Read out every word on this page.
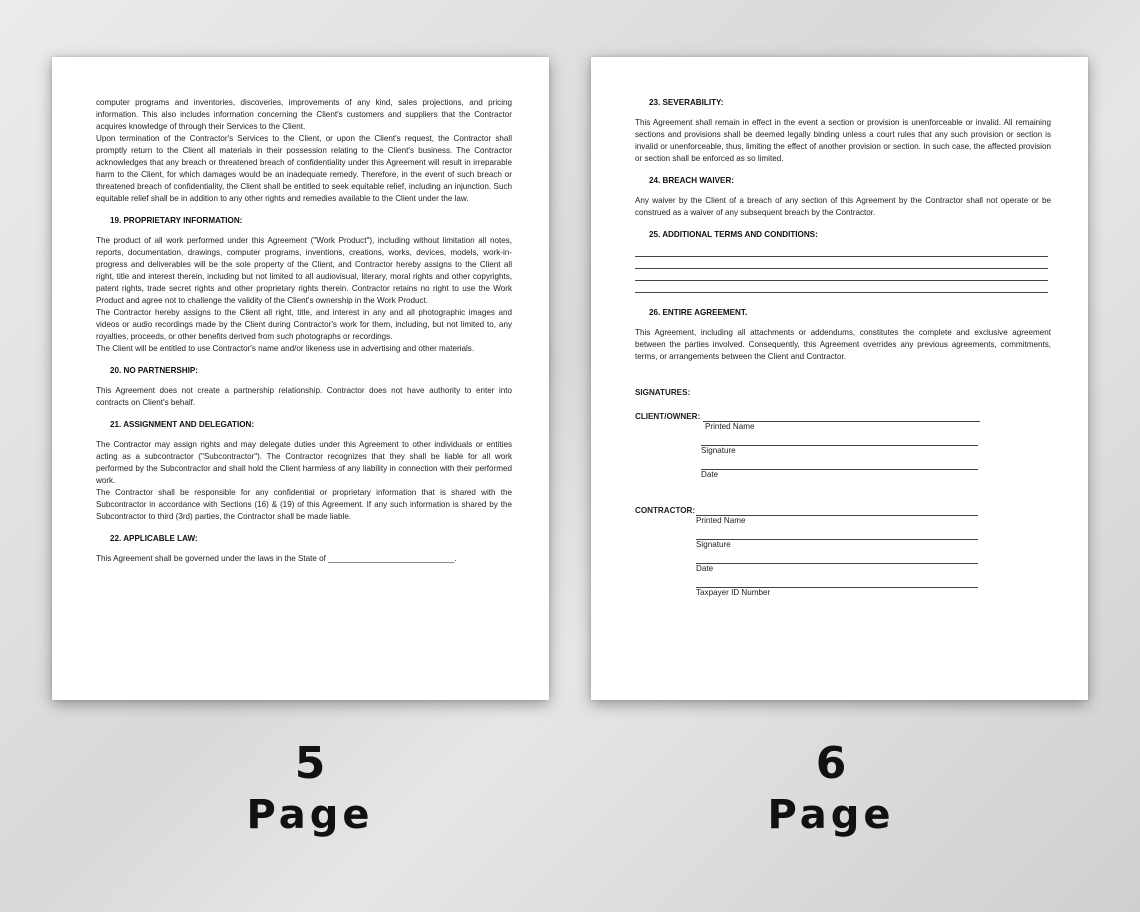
computer programs and inventories, discoveries, improvements of any kind, sales projections, and pricing information. This also includes information concerning the Client's customers and suppliers that the Contractor acquires knowledge of through their Services to the Client.

Upon termination of the Contractor's Services to the Client, or upon the Client's request, the Contractor shall promptly return to the Client all materials in their possession relating to the Client's business. The Contractor acknowledges that any breach or threatened breach of confidentiality under this Agreement will result in irreparable harm to the Client, for which damages would be an inadequate remedy. Therefore, in the event of such breach or threatened breach of confidentiality, the Client shall be entitled to seek equitable relief, including an injunction. Such equitable relief shall be in addition to any other rights and remedies available to the Client under the law.

19. PROPRIETARY INFORMATION:

The product of all work performed under this Agreement ("Work Product"), including without limitation all notes, reports, documentation, drawings, computer programs, inventions, creations, works, devices, models, work-in-progress and deliverables will be the sole property of the Client, and Contractor hereby assigns to the Client all right, title and interest therein, including but not limited to all audiovisual, literary, moral rights and other copyrights, patent rights, trade secret rights and other proprietary rights therein. Contractor retains no right to use the Work Product and agree not to challenge the validity of the Client's ownership in the Work Product.

The Contractor hereby assigns to the Client all right, title, and interest in any and all photographic images and videos or audio recordings made by the Client during Contractor's work for them, including, but not limited to, any royalties, proceeds, or other benefits derived from such photographs or recordings.

The Client will be entitled to use Contractor's name and/or likeness use in advertising and other materials.

20. NO PARTNERSHIP:

This Agreement does not create a partnership relationship. Contractor does not have authority to enter into contracts on Client's behalf.

21. ASSIGNMENT AND DELEGATION:

The Contractor may assign rights and may delegate duties under this Agreement to other individuals or entities acting as a subcontractor ("Subcontractor"). The Contractor recognizes that they shall be liable for all work performed by the Subcontractor and shall hold the Client harmless of any liability in connection with their performed work.

The Contractor shall be responsible for any confidential or proprietary information that is shared with the Subcontractor in accordance with Sections (16) & (19) of this Agreement. If any such information is shared by the Subcontractor to third (3rd) parties, the Contractor shall be made liable.

22. APPLICABLE LAW:

This Agreement shall be governed under the laws in the State of ____________________________.

23. SEVERABILITY:

This Agreement shall remain in effect in the event a section or provision is unenforceable or invalid. All remaining sections and provisions shall be deemed legally binding unless a court rules that any such provision or section is invalid or unenforceable, thus, limiting the effect of another provision or section. In such case, the affected provision or section shall be enforced as so limited.

24. BREACH WAIVER:

Any waiver by the Client of a breach of any section of this Agreement by the Contractor shall not operate or be construed as a waiver of any subsequent breach by the Contractor.

25. ADDITIONAL TERMS AND CONDITIONS:
26. ENTIRE AGREEMENT.

This Agreement, including all attachments or addendums, constitutes the complete and exclusive agreement between the parties involved. Consequently, this Agreement overrides any previous agreements, commitments, terms, or arrangements between the Client and Contractor.

SIGNATURES:
CLIENT/OWNER:
Printed Name
Signature
Date
CONTRACTOR:
Printed Name
Signature
Date
Taxpayer ID Number
5
Page
6
Page
